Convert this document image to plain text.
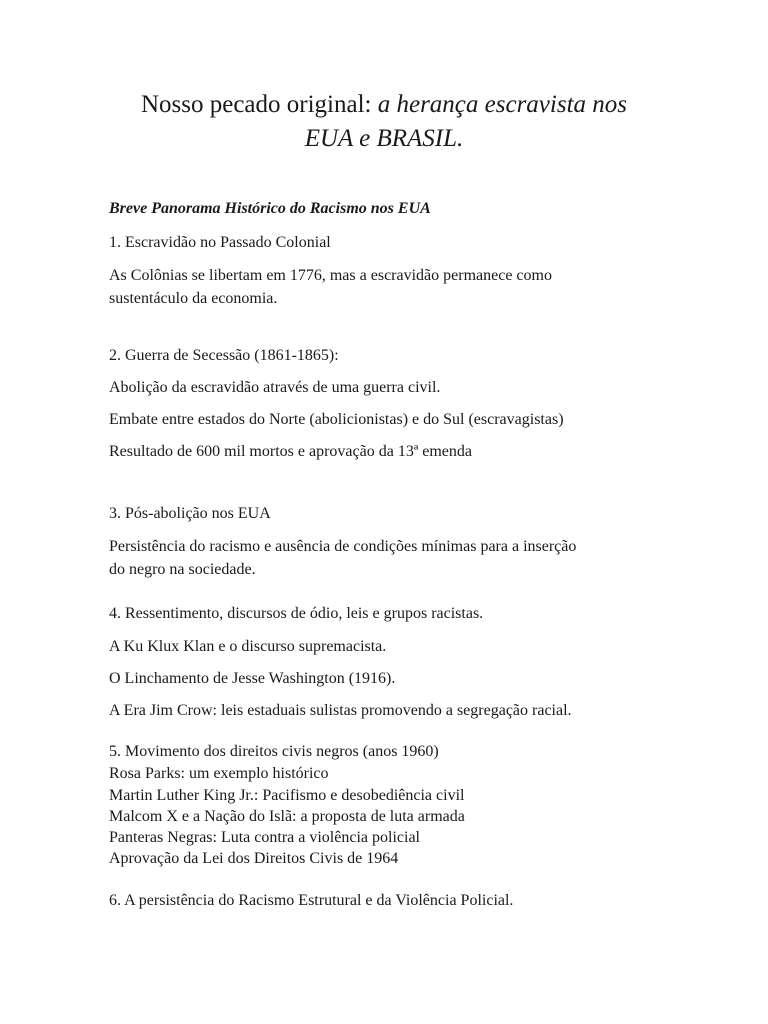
Nosso pecado original: a herança escravista nos
EUA e BRASIL.

Breve Panorama Histórico do Racismo nos EUA

1. Escravidão no Passado Colonial

As Colônias se libertam em 1776, mas a escravidão permanece como

sustentáculo da economia.

2. Guerra de Secessão (1861-1865):

Abolição da escravidão através de uma guerra civil.

Embate entre estados do Norte (abolicionistas) e do Sul (escravagistas)

Resultado de 600 mil mortos e aprovação da 13ª emenda

3. Pós-abolição nos EUA

Persistência do racismo e ausência de condições mínimas para a inserção

do negro na sociedade.

4. Ressentimento, discursos de ódio, leis e grupos racistas.

A Ku Klux Klan e o discurso supremacista.

O Linchamento de Jesse Washington (1916).

A Era Jim Crow: leis estaduais sulistas promovendo a segregação racial.

5. Movimento dos direitos civis negros (anos 1960)

Rosa Parks: um exemplo histórico

Martin Luther King Jr.: Pacifismo e desobediência civil

Malcom X e a Nação do Islã: a proposta de luta armada

Panteras Negras: Luta contra a violência policial

Aprovação da Lei dos Direitos Civis de 1964

6. A persistência do Racismo Estrutural e da Violência Policial.
